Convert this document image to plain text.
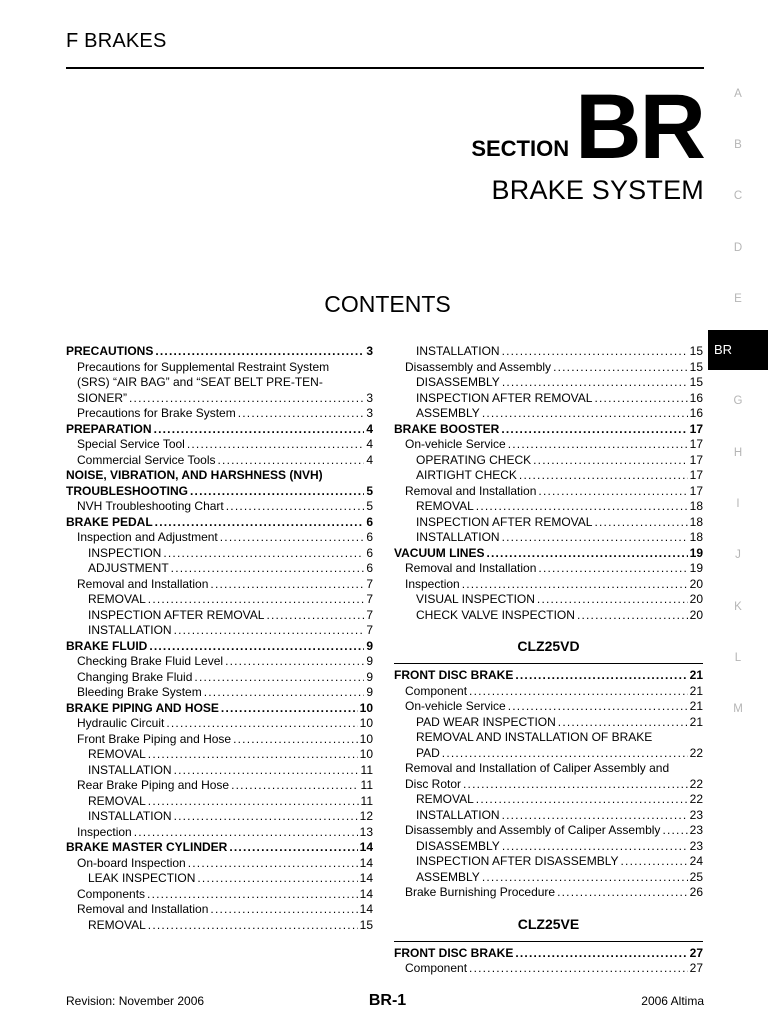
F BRAKES
SECTIONBR
BRAKE SYSTEM
CONTENTS
A
B
C
D
E
BR
G
H
I
J
K
L
M
PRECAUTIONS .....	3
Precautions for Supplemental Restraint System
(SRS) “AIR BAG” and “SEAT BELT PRE-TEN-
SIONER” .....	3
Precautions for Brake System .....	3
PREPARATION .....	4
Special Service Tool .....	4
Commercial Service Tools .....	4
NOISE, VIBRATION, AND HARSHNESS (NVH)
TROUBLESHOOTING .....	5
NVH Troubleshooting Chart .....	5
BRAKE PEDAL .....	6
Inspection and Adjustment .....	6
INSPECTION .....	6
ADJUSTMENT .....	6
Removal and Installation .....	7
REMOVAL .....	7
INSPECTION AFTER REMOVAL .....	7
INSTALLATION .....	7
BRAKE FLUID .....	9
Checking Brake Fluid Level .....	9
Changing Brake Fluid .....	9
Bleeding Brake System .....	9
BRAKE PIPING AND HOSE .....	10
Hydraulic Circuit .....	10
Front Brake Piping and Hose .....	10
REMOVAL .....	10
INSTALLATION .....	11
Rear Brake Piping and Hose .....	11
REMOVAL .....	11
INSTALLATION .....	12
Inspection .....	13
BRAKE MASTER CYLINDER .....	14
On-board Inspection .....	14
LEAK INSPECTION .....	14
Components .....	14
Removal and Installation .....	14
REMOVAL .....	15
INSTALLATION .....	15
Disassembly and Assembly .....	15
DISASSEMBLY .....	15
INSPECTION AFTER REMOVAL .....	16
ASSEMBLY .....	16
BRAKE BOOSTER .....	17
On-vehicle Service .....	17
OPERATING CHECK .....	17
AIRTIGHT CHECK .....	17
Removal and Installation .....	17
REMOVAL .....	18
INSPECTION AFTER REMOVAL .....	18
INSTALLATION .....	18
VACUUM LINES .....	19
Removal and Installation .....	19
Inspection .....	20
VISUAL INSPECTION .....	20
CHECK VALVE INSPECTION .....	20
CLZ25VD
FRONT DISC BRAKE .....	21
Component .....	21
On-vehicle Service .....	21
PAD WEAR INSPECTION .....	21
REMOVAL AND INSTALLATION OF BRAKE
PAD .....	22
Removal and Installation of Caliper Assembly and
Disc Rotor .....	22
REMOVAL .....	22
INSTALLATION .....	23
Disassembly and Assembly of Caliper Assembly ..... 23
DISASSEMBLY .....	23
INSPECTION AFTER DISASSEMBLY .....	24
ASSEMBLY .....	25
Brake Burnishing Procedure .....	26
CLZ25VE
FRONT DISC BRAKE .....	27
Component .....	27
Revision: November 2006	BR-1	2006 Altima
